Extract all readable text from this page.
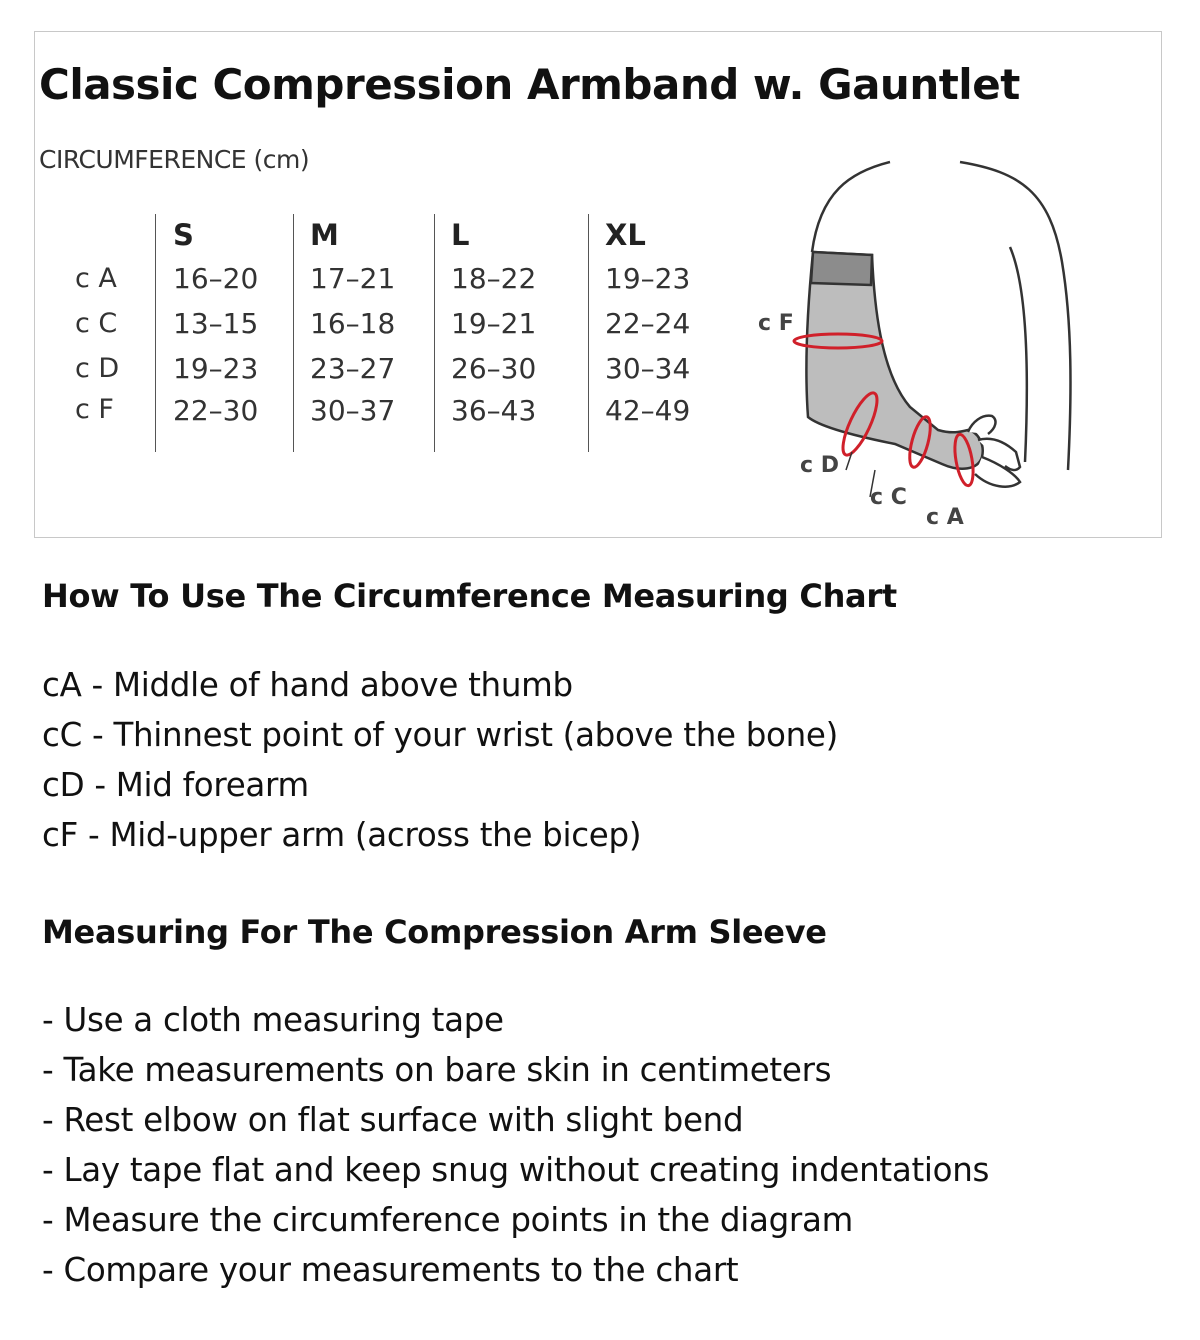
Classic Compression Armband w. Gauntlet
CIRCUMFERENCE (cm)
	S	M	L	XL
c A	16–20	17–21	18–22	19–23
c C	13–15	16–18	19–21	22–24
c D	19–23	23–27	26–30	30–34
c F	22–30	30–37	36–43	42–49
c F
c D
c C
c A
How To Use The Circumference Measuring Chart
cA - Middle of hand above thumb
cC - Thinnest point of your wrist (above the bone)
cD - Mid forearm
cF - Mid-upper arm (across the bicep)
Measuring For The Compression Arm Sleeve
- Use a cloth measuring tape
- Take measurements on bare skin in centimeters
- Rest elbow on flat surface with slight bend
- Lay tape flat and keep snug without creating indentations
- Measure the circumference points in the diagram
- Compare your measurements to the chart
